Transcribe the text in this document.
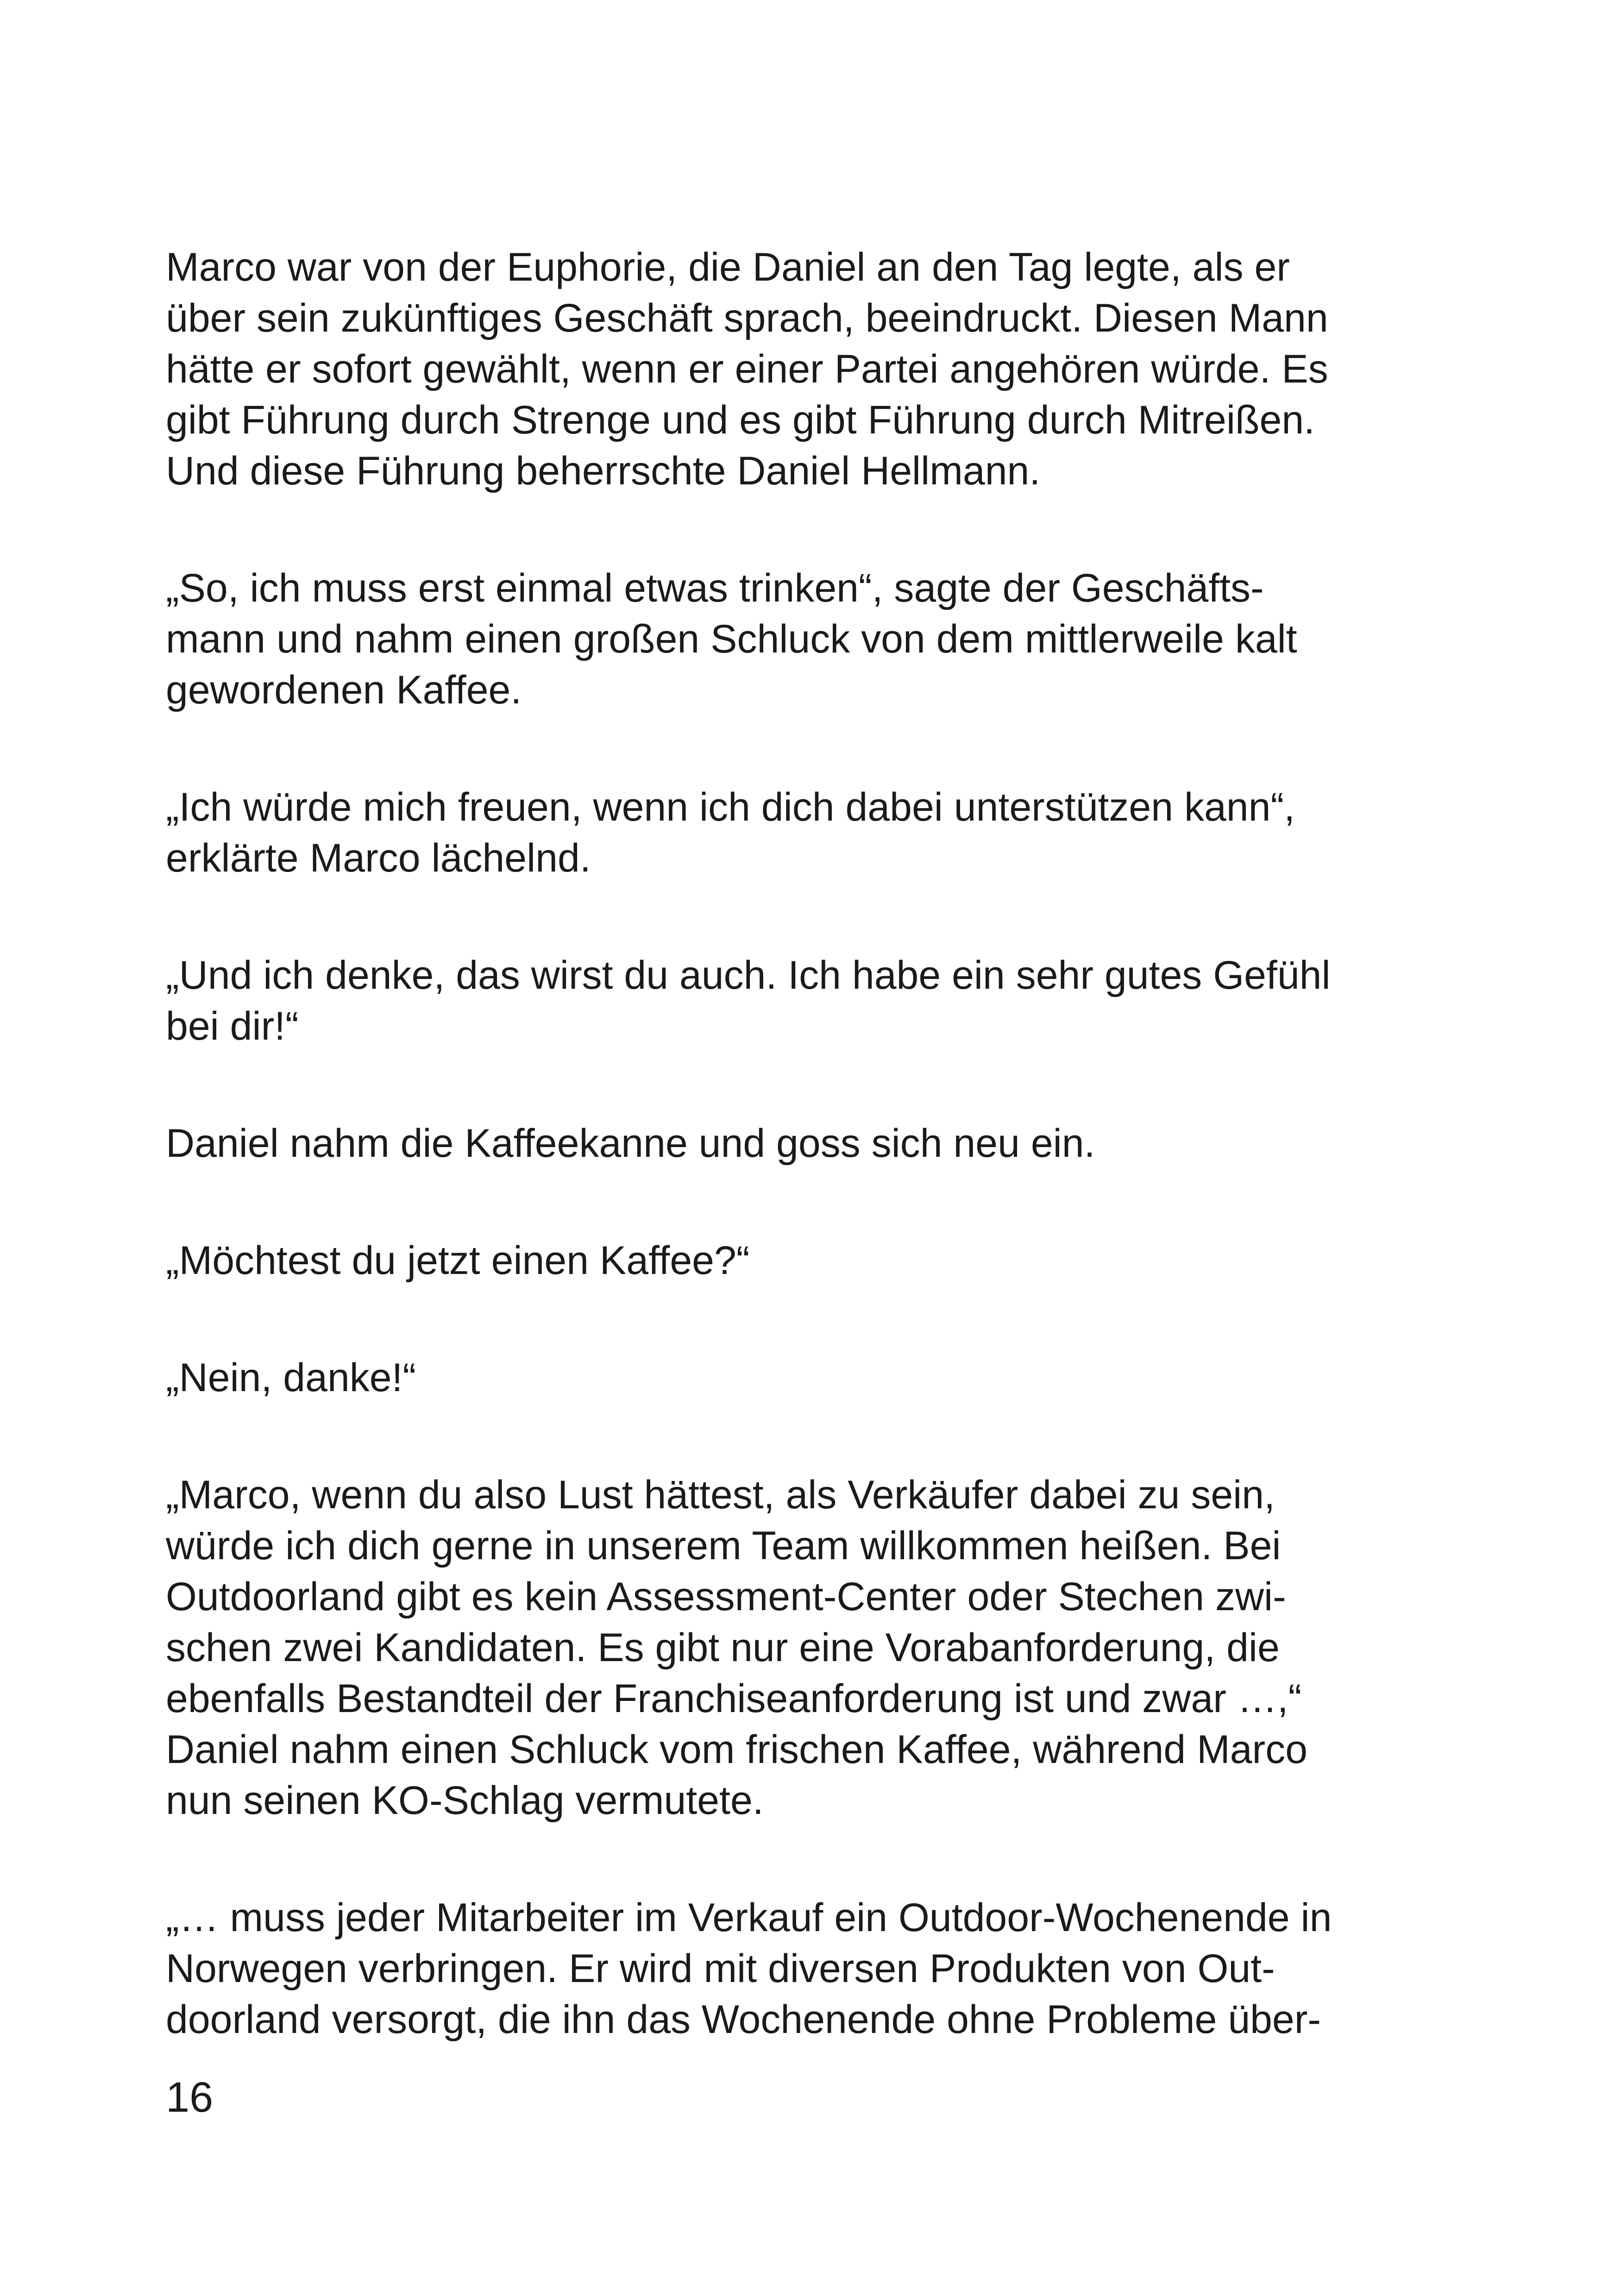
Marco war von der Euphorie, die Daniel an den Tag legte, als er
über sein zukünftiges Geschäft sprach, beeindruckt. Diesen Mann
hätte er sofort gewählt, wenn er einer Partei angehören würde. Es
gibt Führung durch Strenge und es gibt Führung durch Mitreißen.
Und diese Führung beherrschte Daniel Hellmann.

„So, ich muss erst einmal etwas trinken“, sagte der Geschäfts-
mann und nahm einen großen Schluck von dem mittlerweile kalt
gewordenen Kaffee.

„Ich würde mich freuen, wenn ich dich dabei unterstützen kann“,
erklärte Marco lächelnd.

„Und ich denke, das wirst du auch. Ich habe ein sehr gutes Gefühl
bei dir!“

Daniel nahm die Kaffeekanne und goss sich neu ein.

„Möchtest du jetzt einen Kaffee?“

„Nein, danke!“

„Marco, wenn du also Lust hättest, als Verkäufer dabei zu sein,
würde ich dich gerne in unserem Team willkommen heißen. Bei
Outdoorland gibt es kein Assessment-Center oder Stechen zwi-
schen zwei Kandidaten. Es gibt nur eine Vorabanforderung, die
ebenfalls Bestandteil der Franchiseanforderung ist und zwar …,“
Daniel nahm einen Schluck vom frischen Kaffee, während Marco
nun seinen KO-Schlag vermutete.

„… muss jeder Mitarbeiter im Verkauf ein Outdoor-Wochenende in
Norwegen verbringen. Er wird mit diversen Produkten von Out-
doorland versorgt, die ihn das Wochenende ohne Probleme über-

16
